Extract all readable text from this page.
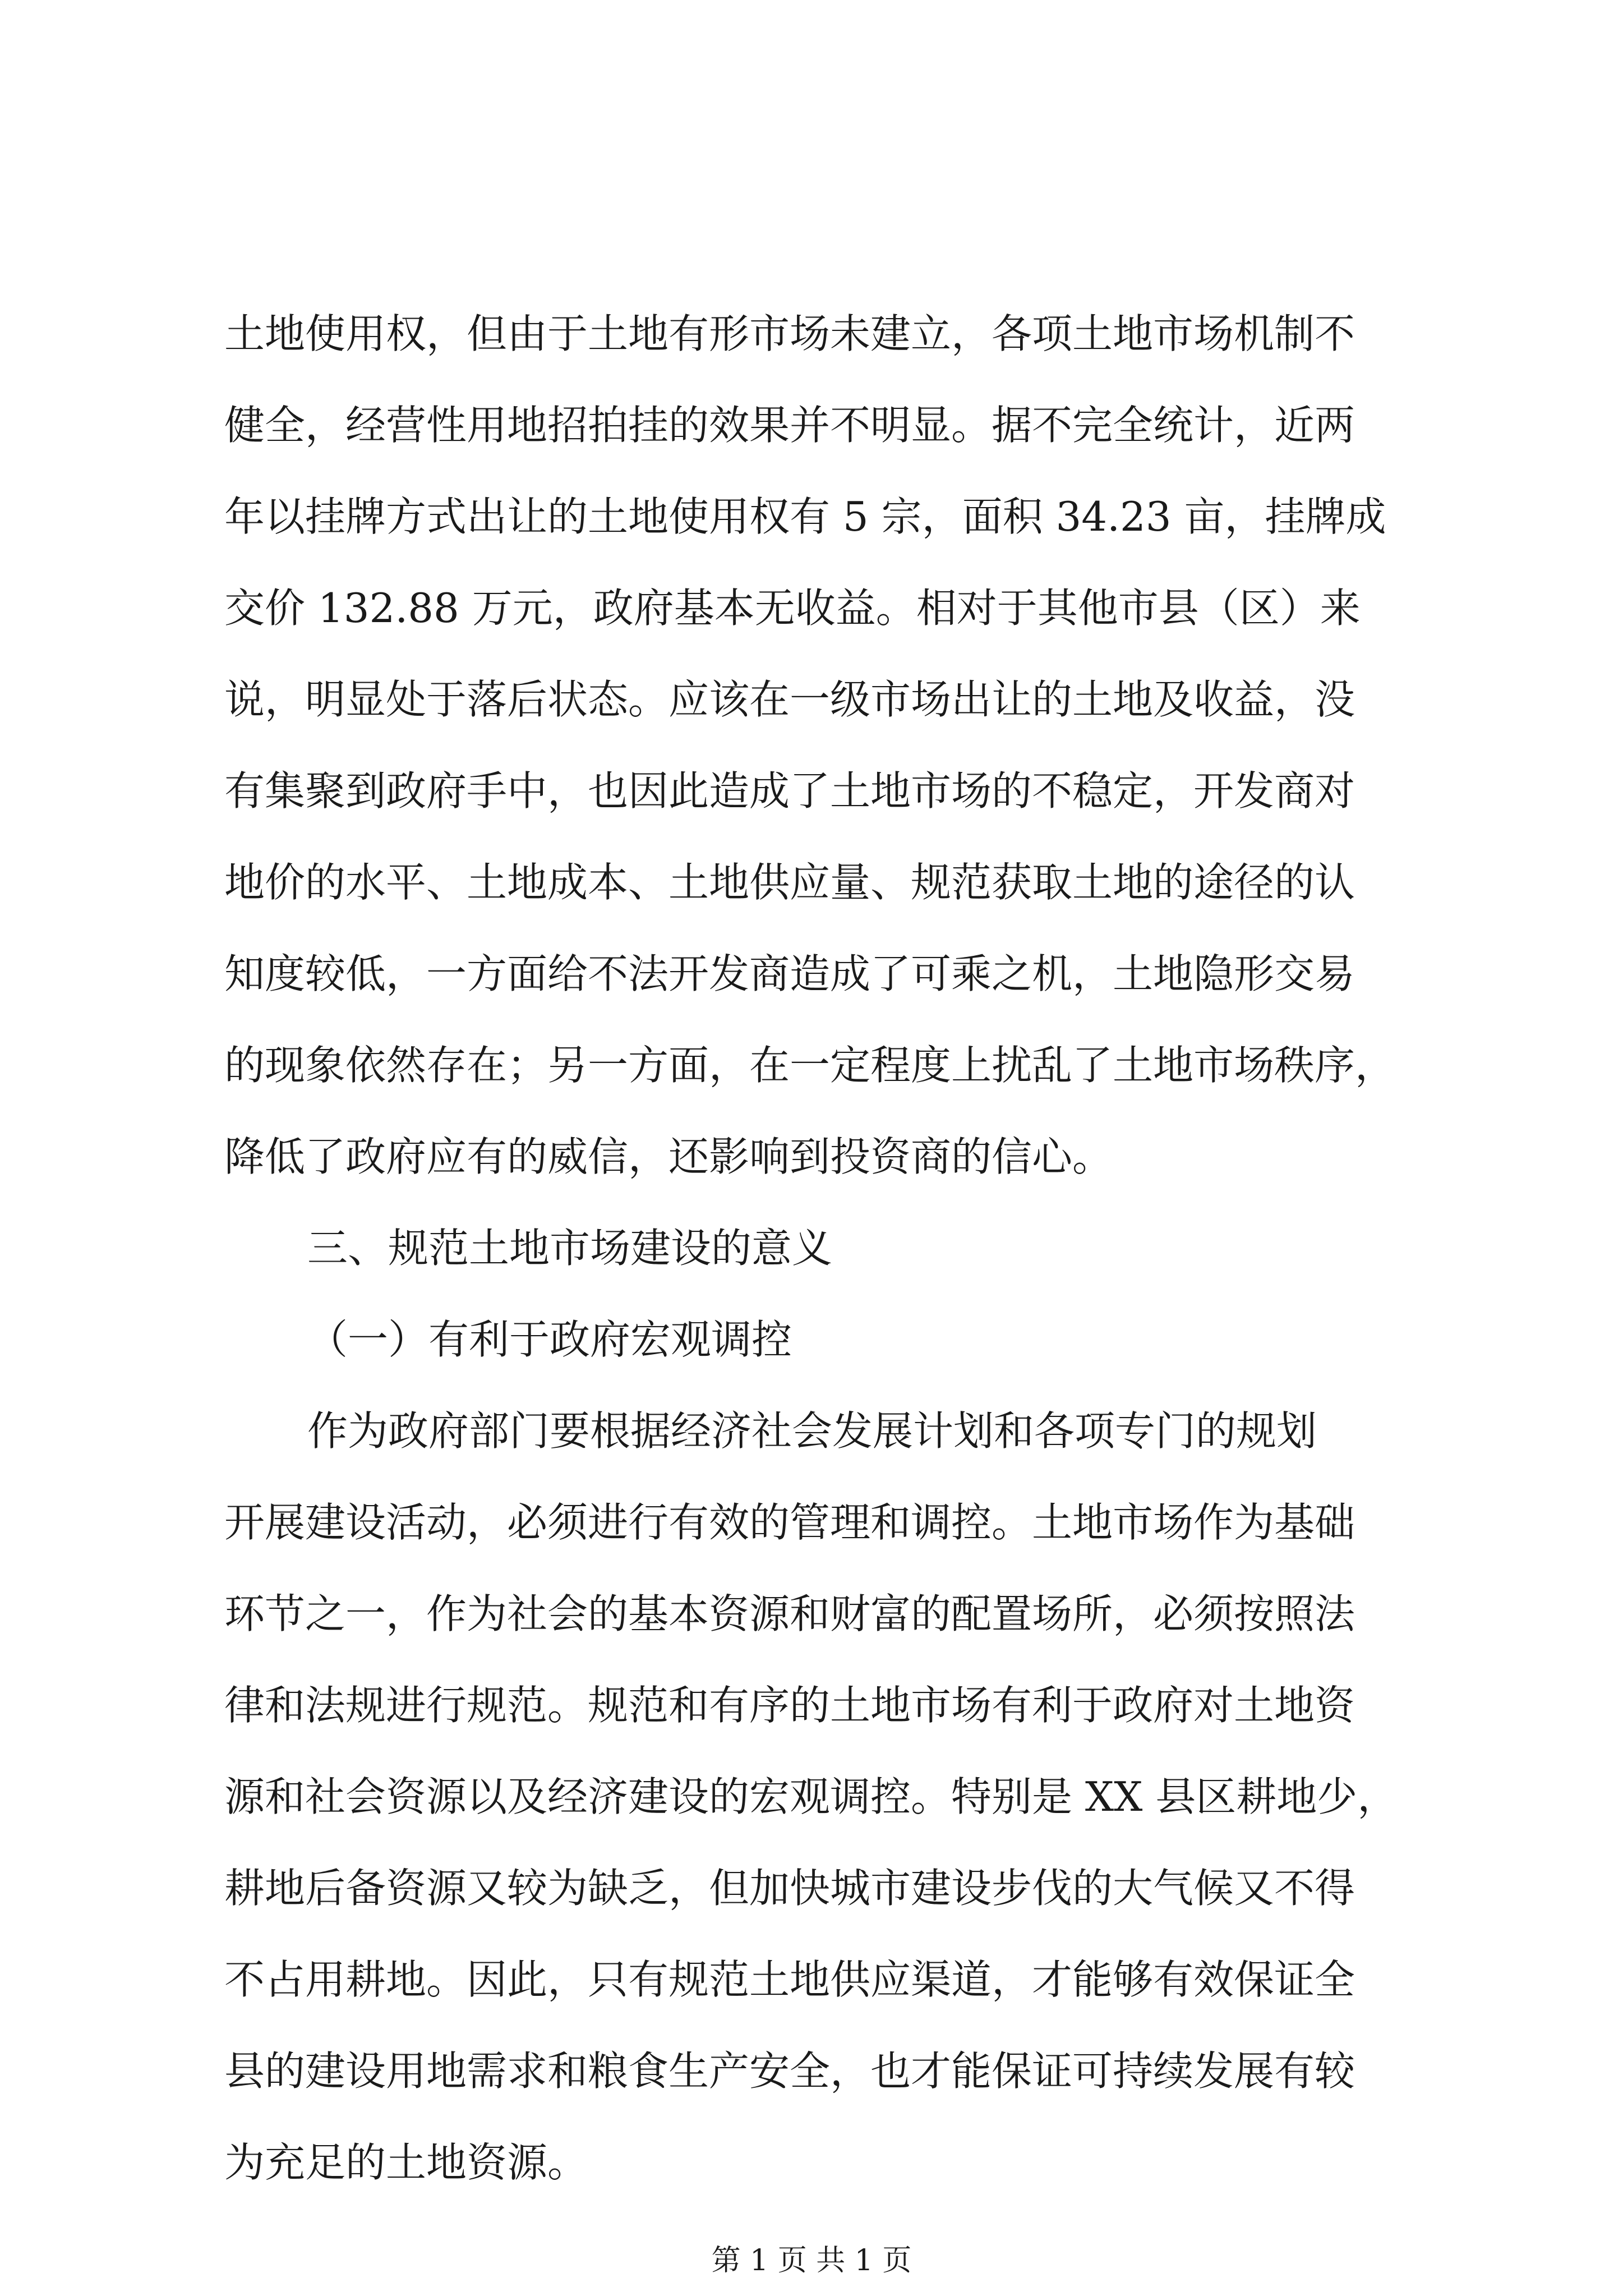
土地使用权，但由于土地有形市场未建立，各项土地市场机制不
健全，经营性用地招拍挂的效果并不明显。据不完全统计，近两
年以挂牌方式出让的土地使用权有 5 宗，面积 34.23 亩，挂牌成
交价 132.88 万元，政府基本无收益。相对于其他市县（区）来
说，明显处于落后状态。应该在一级市场出让的土地及收益，没
有集聚到政府手中，也因此造成了土地市场的不稳定，开发商对
地价的水平、土地成本、土地供应量、规范获取土地的途径的认
知度较低，一方面给不法开发商造成了可乘之机，土地隐形交易
的现象依然存在；另一方面，在一定程度上扰乱了土地市场秩序，
降低了政府应有的威信，还影响到投资商的信心。
三、规范土地市场建设的意义
（一）有利于政府宏观调控
作为政府部门要根据经济社会发展计划和各项专门的规划
开展建设活动，必须进行有效的管理和调控。土地市场作为基础
环节之一，作为社会的基本资源和财富的配置场所，必须按照法
律和法规进行规范。规范和有序的土地市场有利于政府对土地资
源和社会资源以及经济建设的宏观调控。特别是 XX 县区耕地少，
耕地后备资源又较为缺乏，但加快城市建设步伐的大气候又不得
不占用耕地。因此，只有规范土地供应渠道，才能够有效保证全
县的建设用地需求和粮食生产安全，也才能保证可持续发展有较
为充足的土地资源。
第 1 页 共 1 页
